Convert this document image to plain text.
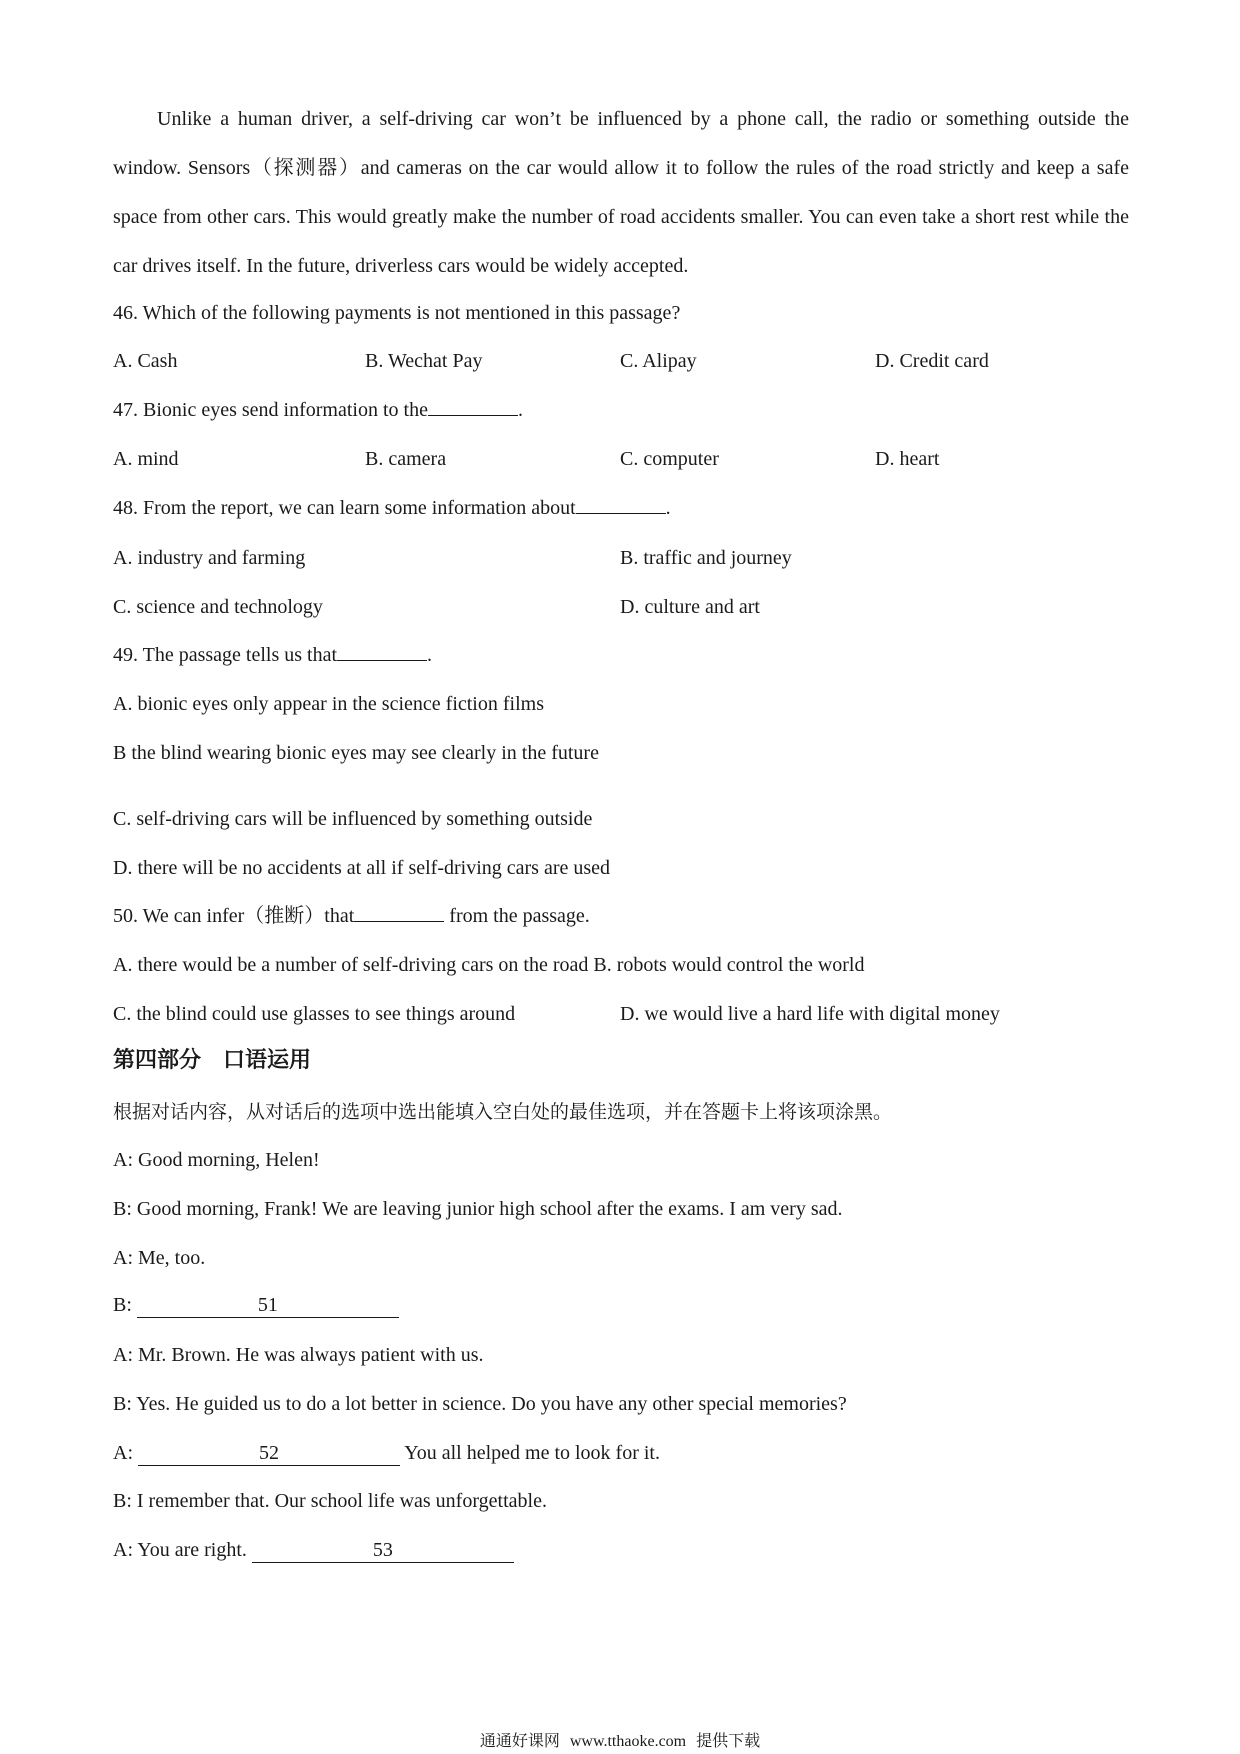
Unlike a human driver, a self-driving car won’t be influenced by a phone call, the radio or something outside the window. Sensors（探测器）and cameras on the car would allow it to follow the rules of the road strictly and keep a safe space from other cars. This would greatly make the number of road accidents smaller. You can even take a short rest while the car drives itself. In the future, driverless cars would be widely accepted.

46. Which of the following payments is not mentioned in this passage?
A. Cash	B. Wechat Pay	C. Alipay	D. Credit card
47. Bionic eyes send information to the	.
A. mind	B. camera	C. computer	D. heart
48. From the report, we can learn some information about	.
A. industry and farming	B. traffic and journey
C. science and technology	D. culture and art
49. The passage tells us that	.
A. bionic eyes only appear in the science fiction films
B the blind wearing bionic eyes may see clearly in the future
C. self-driving cars will be influenced by something outside
D. there will be no accidents at all if self-driving cars are used
50. We can infer（推断）that	from the passage.
A. there would be a number of self-driving cars on the road B. robots would control the world
C. the blind could use glasses to see things around	D. we would live a hard life with digital money
第四部分 口语运用
根据对话内容，从对话后的选项中选出能填入空白处的最佳选项，并在答题卡上将该项涂黑。
A: Good morning, Helen!
B: Good morning, Frank! We are leaving junior high school after the exams. I am very sad.
A: Me, too.
B:	51
A: Mr. Brown. He was always patient with us.
B: Yes. He guided us to do a lot better in science. Do you have any other special memories?
A:	52	You all helped me to look for it.
B: I remember that. Our school life was unforgettable.
A: You are right.	53
通通好课网 www.tthaoke.com 提供下载
